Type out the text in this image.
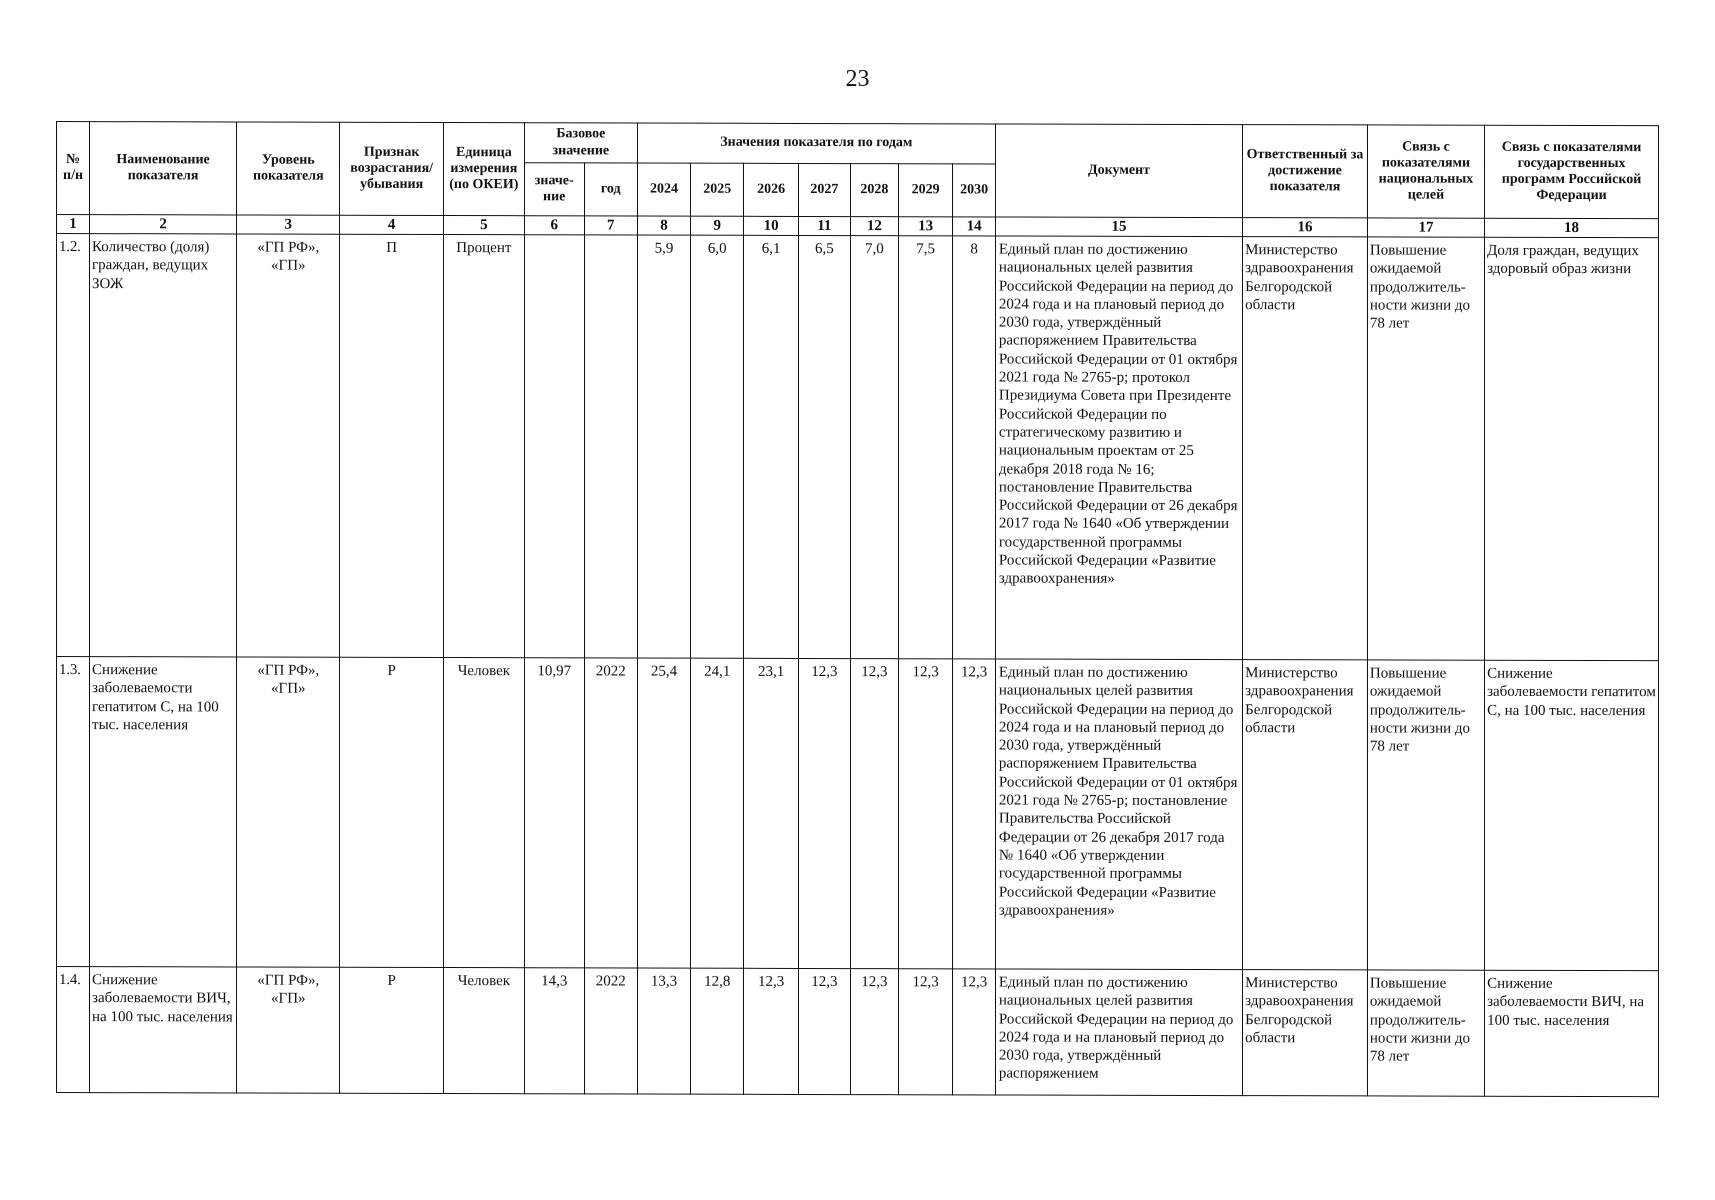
23
№ п/н	Наименование показателя	Уровень показателя	Признак возрастания/ убывания	Единица измерения (по ОКЕИ)	Базовое значение		Значения показателя по годам							Документ	Ответственный за достижение показателя	Связь с показателями национальных целей	Связь с показателями государственных программ Российской Федерации
					значе- ние	год	2024	2025	2026	2027	2028	2029	2030				
1	2	3	4	5	6	7	8	9	10	11	12	13	14	15	16	17	18
1.2.	Количество (доля) граждан, ведущих ЗОЖ	«ГП РФ», «ГП»	П	Процент			5,9	6,0	6,1	6,5	7,0	7,5	8	Единый план по достижению национальных целей развития Российской Федерации на период до 2024 года и на плановый период до 2030 года, утверждённый распоряжением Правительства Российской Федерации от 01 октября 2021 года № 2765-р; протокол Президиума Совета при Президенте Российской Федерации по стратегическому развитию и национальным проектам от 25 декабря 2018 года № 16; постановление Правительства Российской Федерации от 26 декабря 2017 года № 1640 «Об утверждении государственной программы Российской Федерации «Развитие здравоохранения»	Министерство здравоохранения Белгородской области	Повышение ожидаемой продолжитель- ности жизни до 78 лет	Доля граждан, ведущих здоровый образ жизни
1.3.	Снижение заболеваемости гепатитом С, на 100 тыс. населения	«ГП РФ», «ГП»	Р	Человек	10,97	2022	25,4	24,1	23,1	12,3	12,3	12,3	12,3	Единый план по достижению национальных целей развития Российской Федерации на период до 2024 года и на плановый период до 2030 года, утверждённый распоряжением Правительства Российской Федерации от 01 октября 2021 года № 2765-р; постановление Правительства Российской Федерации от 26 декабря 2017 года № 1640 «Об утверждении государственной программы Российской Федерации «Развитие здравоохранения»	Министерство здравоохранения Белгородской области	Повышение ожидаемой продолжитель- ности жизни до 78 лет	Снижение заболеваемости гепатитом С, на 100 тыс. населения
1.4.	Снижение заболеваемости ВИЧ, на 100 тыс. населения	«ГП РФ», «ГП»	Р	Человек	14,3	2022	13,3	12,8	12,3	12,3	12,3	12,3	12,3	Единый план по достижению национальных целей развития Российской Федерации на период до 2024 года и на плановый период до 2030 года, утверждённый распоряжением	Министерство здравоохранения Белгородской области	Повышение ожидаемой продолжитель- ности жизни до 78 лет	Снижение заболеваемости ВИЧ, на 100 тыс. населения
